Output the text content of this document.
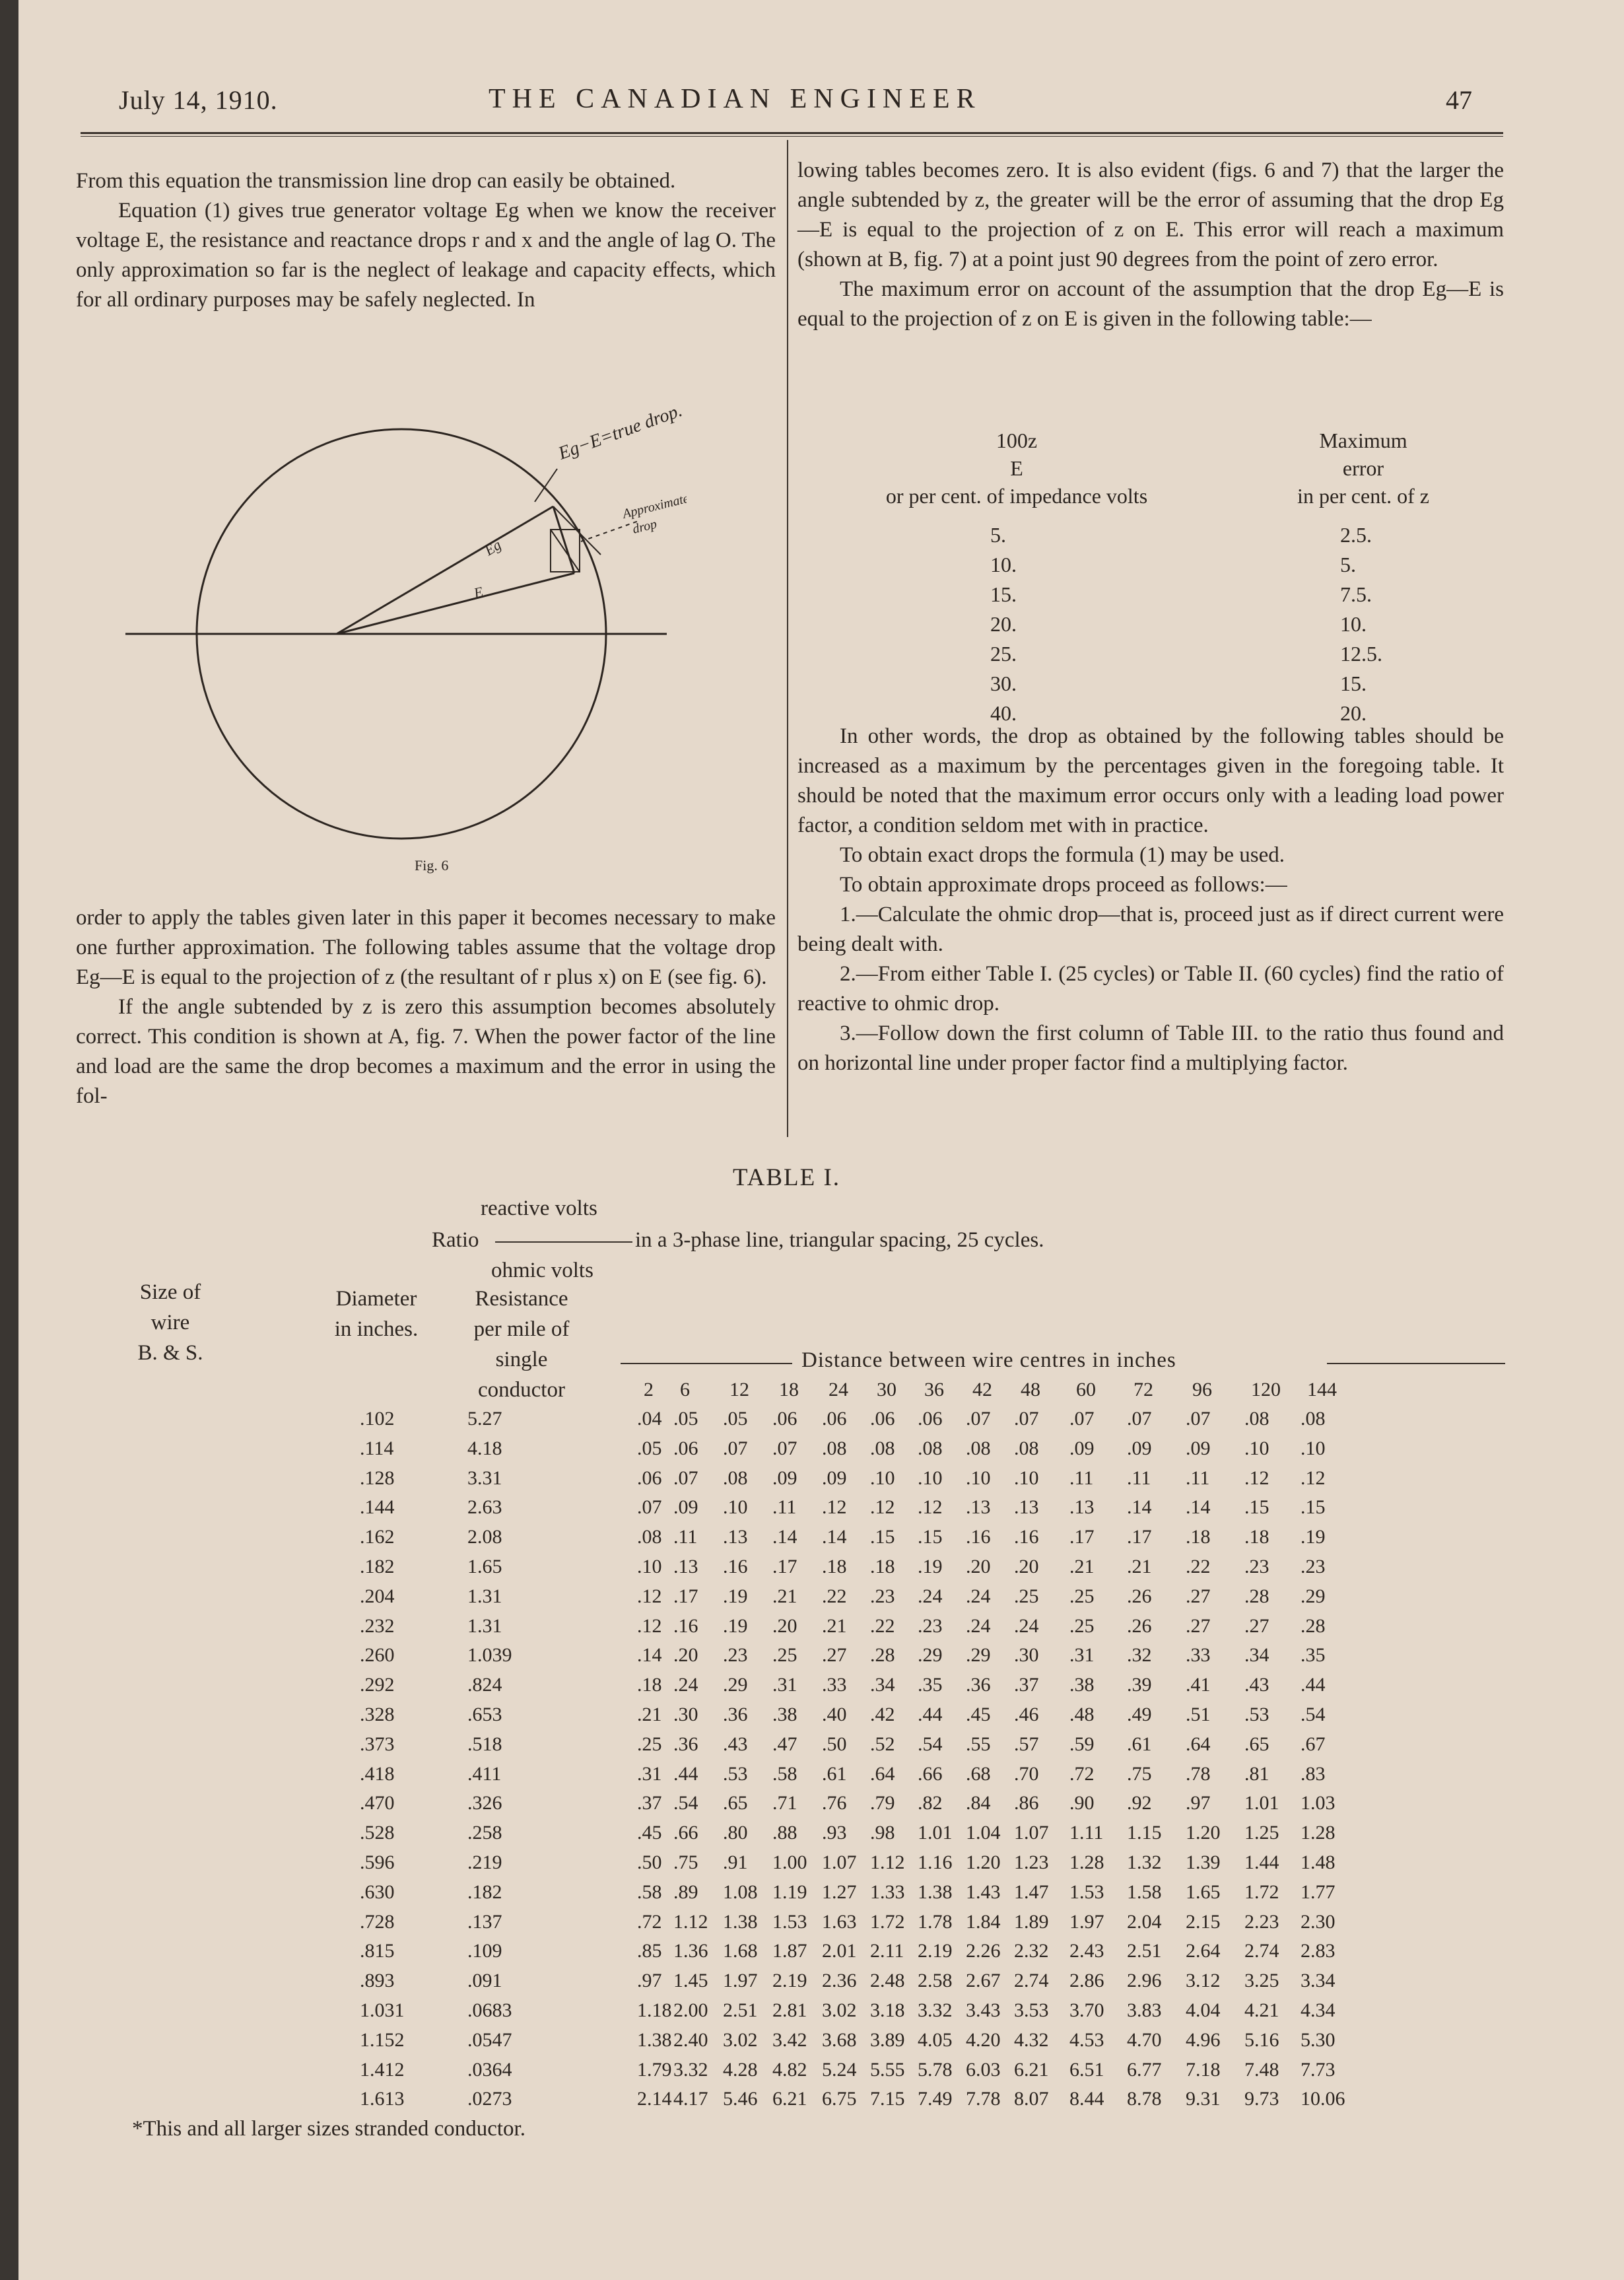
July 14, 1910.	THE CANADIAN ENGINEER	47

From this equation the transmission line drop can easily be obtained.

Equation (1) gives true generator voltage Eg when we know the receiver voltage E, the resistance and reactance drops r and x and the angle of lag O. The only approximation so far is the neglect of leakage and capacity effects, which for all ordinary purposes may be safely neglected. In

Eg−E=true drop.
Approximate
drop
Eg
E
Fig. 6

order to apply the tables given later in this paper it becomes necessary to make one further approximation. The following tables assume that the voltage drop Eg—E is equal to the projection of z (the resultant of r plus x) on E (see fig. 6).

If the angle subtended by z is zero this assumption becomes absolutely correct. This condition is shown at A, fig. 7. When the power factor of the line and load are the same the drop becomes a maximum and the error in using the fol-

lowing tables becomes zero. It is also evident (figs. 6 and 7) that the larger the angle subtended by z, the greater will be the error of assuming that the drop Eg—E is equal to the projection of z on E. This error will reach a maximum (shown at B, fig. 7) at a point just 90 degrees from the point of zero error.

The maximum error on account of the assumption that the drop Eg—E is equal to the projection of z on E is given in the following table:—

100z
E
or per cent. of impedance volts
Maximum
error
in per cent. of z
5.	2.5.
10.	5.
15.	7.5.
20.	10.
25.	12.5.
30.	15.
40.	20.

In other words, the drop as obtained by the following tables should be increased as a maximum by the percentages given in the foregoing table. It should be noted that the maximum error occurs only with a leading load power factor, a condition seldom met with in practice.

To obtain exact drops the formula (1) may be used.

To obtain approximate drops proceed as follows:—

1.—Calculate the ohmic drop—that is, proceed just as if direct current were being dealt with.

2.—From either Table I. (25 cycles) or Table II. (60 cycles) find the ratio of reactive to ohmic drop.

3.—Follow down the first column of Table III. to the ratio thus found and on horizontal line under proper factor find a multiplying factor.

TABLE I.
reactive volts
Ratio	in a 3-phase line, triangular spacing, 25 cycles.
ohmic volts
Size of
wire
B. & S.
Diameter
in inches.
Resistance
per mile of
single
conductor
Distance between wire centres in inches
2 6 12 18 24 30 36 42 48 60 72 96 120 144
.102	5.27	.04 .05 .05 .06 .06 .06 .06 .07 .07 .07 .07 .07 .08 .08
.114	4.18	.05 .06 .07 .07 .08 .08 .08 .08 .08 .09 .09 .09 .10 .10
.128	3.31	.06 .07 .08 .09 .09 .10 .10 .10 .10 .11 .11 .11 .12 .12
.144	2.63	.07 .09 .10 .11 .12 .12 .12 .13 .13 .13 .14 .14 .15 .15
.162	2.08	.08 .11 .13 .14 .14 .15 .15 .16 .16 .17 .17 .18 .18 .19
.182	1.65	.10 .13 .16 .17 .18 .18 .19 .20 .20 .21 .21 .22 .23 .23
.204	1.31	.12 .17 .19 .21 .22 .23 .24 .24 .25 .25 .26 .27 .28 .29
.232	1.31	.12 .16 .19 .20 .21 .22 .23 .24 .24 .25 .26 .27 .27 .28
.260	1.039	.14 .20 .23 .25 .27 .28 .29 .29 .30 .31 .32 .33 .34 .35
.292	.824	.18 .24 .29 .31 .33 .34 .35 .36 .37 .38 .39 .41 .43 .44
.328	.653	.21 .30 .36 .38 .40 .42 .44 .45 .46 .48 .49 .51 .53 .54
.373	.518	.25 .36 .43 .47 .50 .52 .54 .55 .57 .59 .61 .64 .65 .67
.418	.411	.31 .44 .53 .58 .61 .64 .66 .68 .70 .72 .75 .78 .81 .83
.470	.326	.37 .54 .65 .71 .76 .79 .82 .84 .86 .90 .92 .97 1.01 1.03
.528	.258	.45 .66 .80 .88 .93 .98 1.01 1.04 1.07 1.11 1.15 1.20 1.25 1.28
.596	.219	.50 .75 .91 1.00 1.07 1.12 1.16 1.20 1.23 1.28 1.32 1.39 1.44 1.48
.630	.182	.58 .89 1.08 1.19 1.27 1.33 1.38 1.43 1.47 1.53 1.58 1.65 1.72 1.77
.728	.137	.72 1.12 1.38 1.53 1.63 1.72 1.78 1.84 1.89 1.97 2.04 2.15 2.23 2.30
.815	.109	.85 1.36 1.68 1.87 2.01 2.11 2.19 2.26 2.32 2.43 2.51 2.64 2.74 2.83
.893	.091	.97 1.45 1.97 2.19 2.36 2.48 2.58 2.67 2.74 2.86 2.96 3.12 3.25 3.34
1.031	.0683	1.18 2.00 2.51 2.81 3.02 3.18 3.32 3.43 3.53 3.70 3.83 4.04 4.21 4.34
1.152	.0547	1.38 2.40 3.02 3.42 3.68 3.89 4.05 4.20 4.32 4.53 4.70 4.96 5.16 5.30
1.412	.0364	1.79 3.32 4.28 4.82 5.24 5.55 5.78 6.03 6.21 6.51 6.77 7.18 7.48 7.73
1.613	.0273	2.14 4.17 5.46 6.21 6.75 7.15 7.49 7.78 8.07 8.44 8.78 9.31 9.73 10.06
*This and all larger sizes stranded conductor.
